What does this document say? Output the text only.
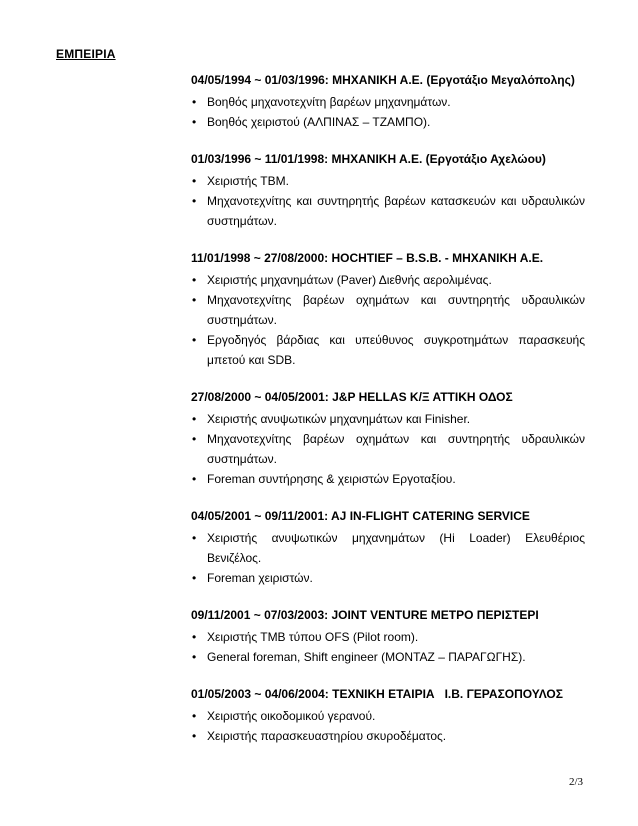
ΕΜΠΕΙΡΙΑ
04/05/1994 ~ 01/03/1996: ΜΗΧΑΝΙΚΗ Α.Ε. (Εργοτάξιο Μεγαλόπολης)
• Βοηθός μηχανοτεχνίτη βαρέων μηχανημάτων.
• Βοηθός χειριστού (ΑΛΠΙΝΑΣ – ΤΖΑΜΠΟ).
01/03/1996 ~ 11/01/1998: ΜΗΧΑΝΙΚΗ Α.Ε. (Εργοτάξιο Αχελώου)
• Χειριστής ΤΒΜ.
• Μηχανοτεχνίτης και συντηρητής βαρέων κατασκευών και υδραυλικών συστημάτων.
11/01/1998 ~ 27/08/2000: HOCHTIEF – B.S.B. - ΜΗΧΑΝΙΚΗ Α.Ε.
• Χειριστής μηχανημάτων (Paver) Διεθνής αερολιμένας.
• Μηχανοτεχνίτης βαρέων οχημάτων και συντηρητής υδραυλικών συστημάτων.
• Εργοδηγός βάρδιας και υπεύθυνος συγκροτημάτων παρασκευής μπετού και SDB.
27/08/2000 ~ 04/05/2001: J&P HELLAS Κ/Ξ ΑΤΤΙΚΗ ΟΔΟΣ
• Χειριστής ανυψωτικών μηχανημάτων και Finisher.
• Μηχανοτεχνίτης βαρέων οχημάτων και συντηρητής υδραυλικών συστημάτων.
• Foreman συντήρησης & χειριστών Εργοταξίου.
04/05/2001 ~ 09/11/2001: AJ IN-FLIGHT CATERING SERVICE
• Χειριστής ανυψωτικών μηχανημάτων (Hi Loader) Ελευθέριος Βενιζέλος.
• Foreman χειριστών.
09/11/2001 ~ 07/03/2003: JOINT VENTURE ΜΕΤΡΟ ΠΕΡΙΣΤΕΡΙ
• Χειριστής ΤΜΒ τύπου OFS (Pilot room).
• General foreman, Shift engineer (ΜΟΝΤΑΖ – ΠΑΡΑΓΩΓΗΣ).
01/05/2003 ~ 04/06/2004: ΤΕΧΝΙΚΗ ΕΤΑΙΡΙΑ   Ι.Β. ΓΕΡΑΣΟΠΟΥΛΟΣ
• Χειριστής οικοδομικού γερανού.
• Χειριστής παρασκευαστηρίου σκυροδέματος.
2/3
